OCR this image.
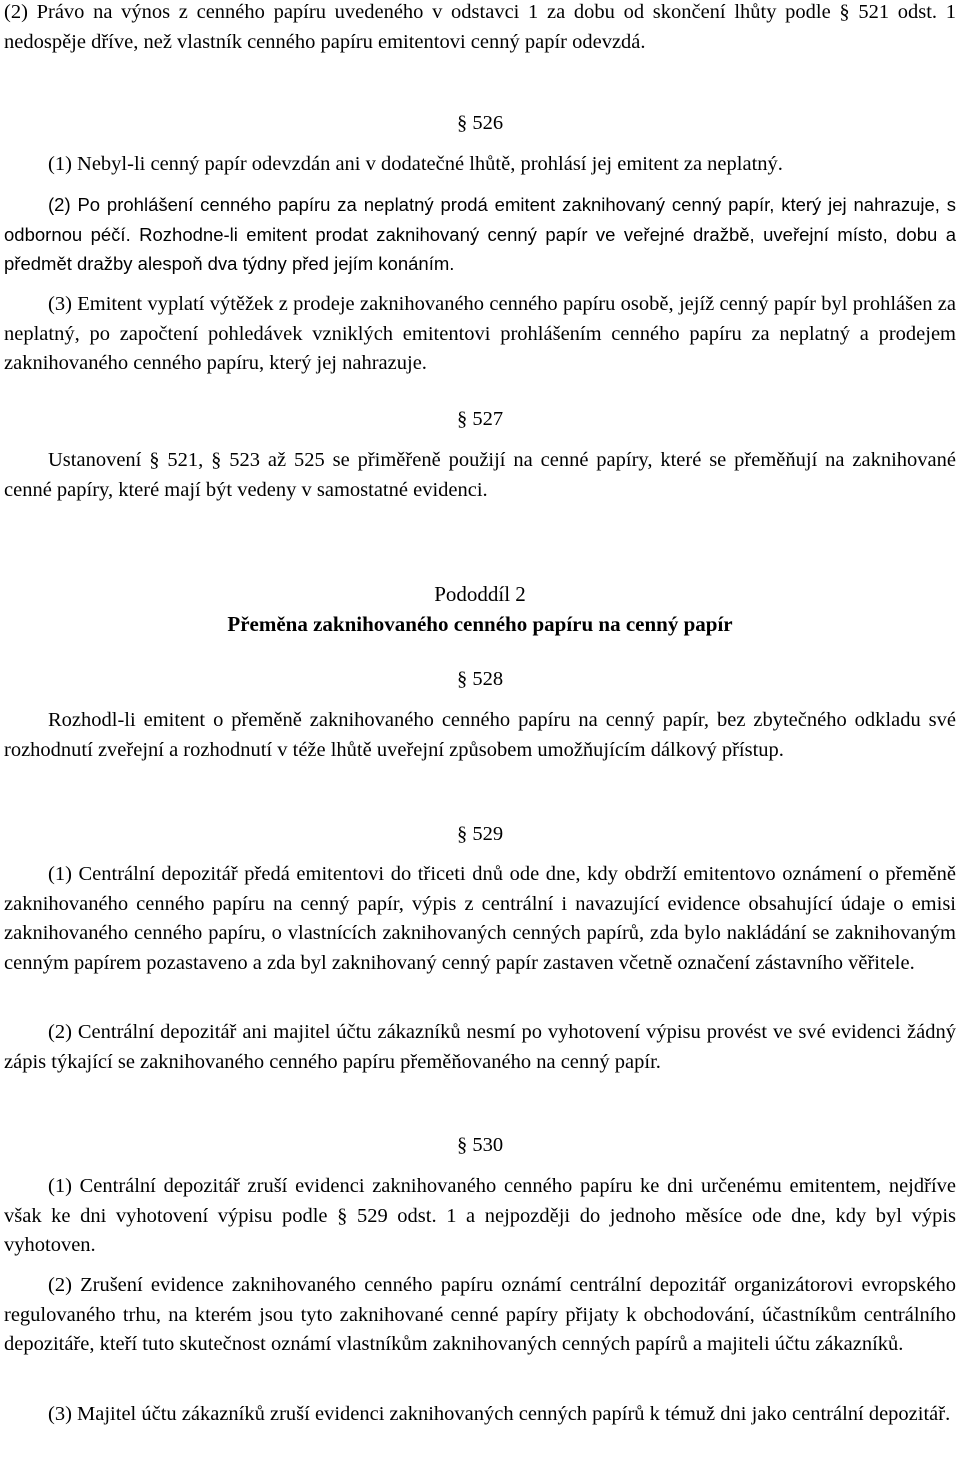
(2) Právo na výnos z cenného papíru uvedeného v odstavci 1 za dobu od skončení lhůty podle § 521 odst. 1 nedospěje dříve, než vlastník cenného papíru emitentovi cenný papír odevzdá.

§ 526

(1) Nebyl-li cenný papír odevzdán ani v dodatečné lhůtě, prohlásí jej emitent za neplatný.

(2) Po prohlášení cenného papíru za neplatný prodá emitent zaknihovaný cenný papír, který jej nahrazuje, s odbornou péčí. Rozhodne-li emitent prodat zaknihovaný cenný papír ve veřejné dražbě, uveřejní místo, dobu a předmět dražby alespoň dva týdny před jejím konáním.

(3) Emitent vyplatí výtěžek z prodeje zaknihovaného cenného papíru osobě, jejíž cenný papír byl prohlášen za neplatný, po započtení pohledávek vzniklých emitentovi prohlášením cenného papíru za neplatný a prodejem zaknihovaného cenného papíru, který jej nahrazuje.

§ 527

Ustanovení § 521, § 523 až 525 se přiměřeně použijí na cenné papíry, které se přeměňují na zaknihované cenné papíry, které mají být vedeny v samostatné evidenci.

Pododdíl 2
Přeměna zaknihovaného cenného papíru na cenný papír
§ 528

Rozhodl-li emitent o přeměně zaknihovaného cenného papíru na cenný papír, bez zbytečného odkladu své rozhodnutí zveřejní a rozhodnutí v téže lhůtě uveřejní způsobem umožňujícím dálkový přístup.

§ 529

(1) Centrální depozitář předá emitentovi do třiceti dnů ode dne, kdy obdrží emitentovo oznámení o přeměně zaknihovaného cenného papíru na cenný papír, výpis z centrální i navazující evidence obsahující údaje o emisi zaknihovaného cenného papíru, o vlastnících zaknihovaných cenných papírů, zda bylo nakládání se zaknihovaným cenným papírem pozastaveno a zda byl zaknihovaný cenný papír zastaven včetně označení zástavního věřitele.

(2) Centrální depozitář ani majitel účtu zákazníků nesmí po vyhotovení výpisu provést ve své evidenci žádný zápis týkající se zaknihovaného cenného papíru přeměňovaného na cenný papír.

§ 530

(1) Centrální depozitář zruší evidenci zaknihovaného cenného papíru ke dni určenému emitentem, nejdříve však ke dni vyhotovení výpisu podle § 529 odst. 1 a nejpozději do jednoho měsíce ode dne, kdy byl výpis vyhotoven.

(2) Zrušení evidence zaknihovaného cenného papíru oznámí centrální depozitář organizátorovi evropského regulovaného trhu, na kterém jsou tyto zaknihované cenné papíry přijaty k obchodování, účastníkům centrálního depozitáře, kteří tuto skutečnost oznámí vlastníkům zaknihovaných cenných papírů a majiteli účtu zákazníků.

(3) Majitel účtu zákazníků zruší evidenci zaknihovaných cenných papírů k témuž dni jako centrální depozitář.
